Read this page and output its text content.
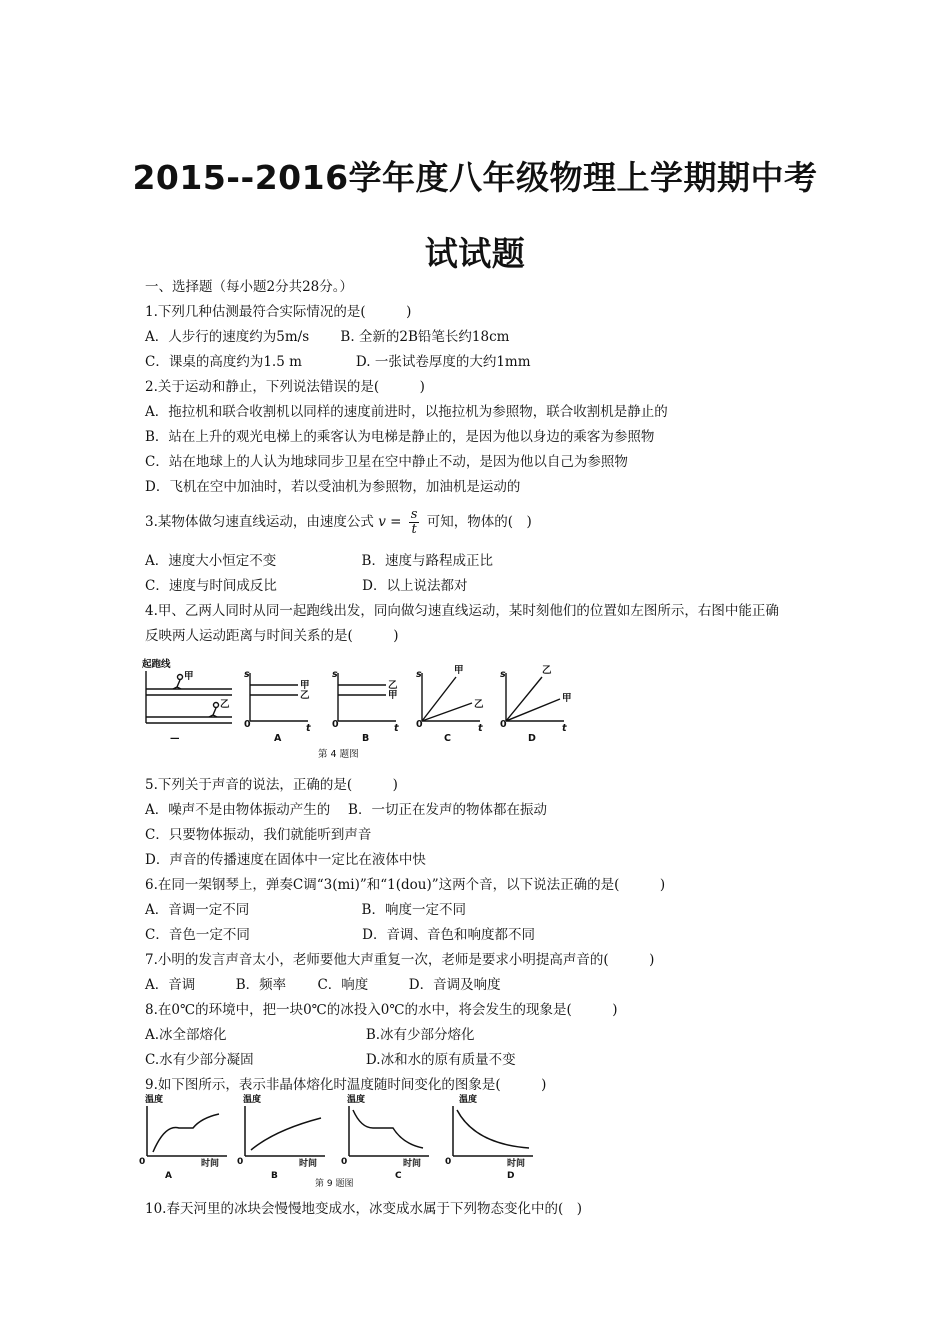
2015--2016学年度八年级物理上学期期中考
试试题
一、选择题（每小题2分共28分。）
1.下列几种估测最符合实际情况的是(　　　)
A．人步行的速度约为5m/s　　 B. 全新的2B铅笔长约18cm
C．课桌的高度约为1.5 m　　　　D. 一张试卷厚度的大约1mm
2.关于运动和静止，下列说法错误的是(　　　)
A．拖拉机和联合收割机以同样的速度前进时，以拖拉机为参照物，联合收割机是静止的
B．站在上升的观光电梯上的乘客认为电梯是静止的，是因为他以身边的乘客为参照物
C．站在地球上的人认为地球同步卫星在空中静止不动，是因为他以自己为参照物
D．飞机在空中加油时，若以受油机为参照物，加油机是运动的
3.某物体做匀速直线运动，由速度公式 $v = \frac{s}{t}$ 可知，物体的(　)
A．速度大小恒定不变　　　　　　 B．速度与路程成正比
C．速度与时间成反比　　　　　　 D．以上说法都对
4.甲、乙两人同时从同一起跑线出发，同向做匀速直线运动，某时刻他们的位置如左图所示，右图中能正确
反映两人运动距离与时间关系的是(　　　)
起跑线
甲
乙
—
s
0	t
甲
乙
A
s
0	t
乙
甲
B
s
0	t
甲
乙
C
s
0	t
乙
甲
D
第 4 题图
5.下列关于声音的说法，正确的是(　　　)
A．噪声不是由物体振动产生的　 B．一切正在发声的物体都在振动
C．只要物体振动，我们就能听到声音
D．声音的传播速度在固体中一定比在液体中快
6.在同一架钢琴上，弹奏C调“3(mi)”和“1(dou)”这两个音，以下说法正确的是(　　　)
A．音调一定不同　　　　　　　　 B．响度一定不同
C．音色一定不同　　　　　　　　 D．音调、音色和响度都不同
7.小明的发言声音太小，老师要他大声重复一次，老师是要求小明提高声音的(　　　)
A．音调　　　B．频率　　 C．响度　　　D．音调及响度
8.在0℃的环境中，把一块0℃的冰投入0℃的水中，将会发生的现象是(　　　)
A.冰全部熔化　　　　　　　　　　 B.冰有少部分熔化
C.水有少部分凝固　　　　　　　　 D.冰和水的原有质量不变
9.如下图所示，表示非晶体熔化时温度随时间变化的图象是(　　　)
温度
0	时间
A
温度
0	时间
B
温度
0	时间
C
温度
0	时间
D
第 9 题图
10.春天河里的冰块会慢慢地变成水，冰变成水属于下列物态变化中的(　)
